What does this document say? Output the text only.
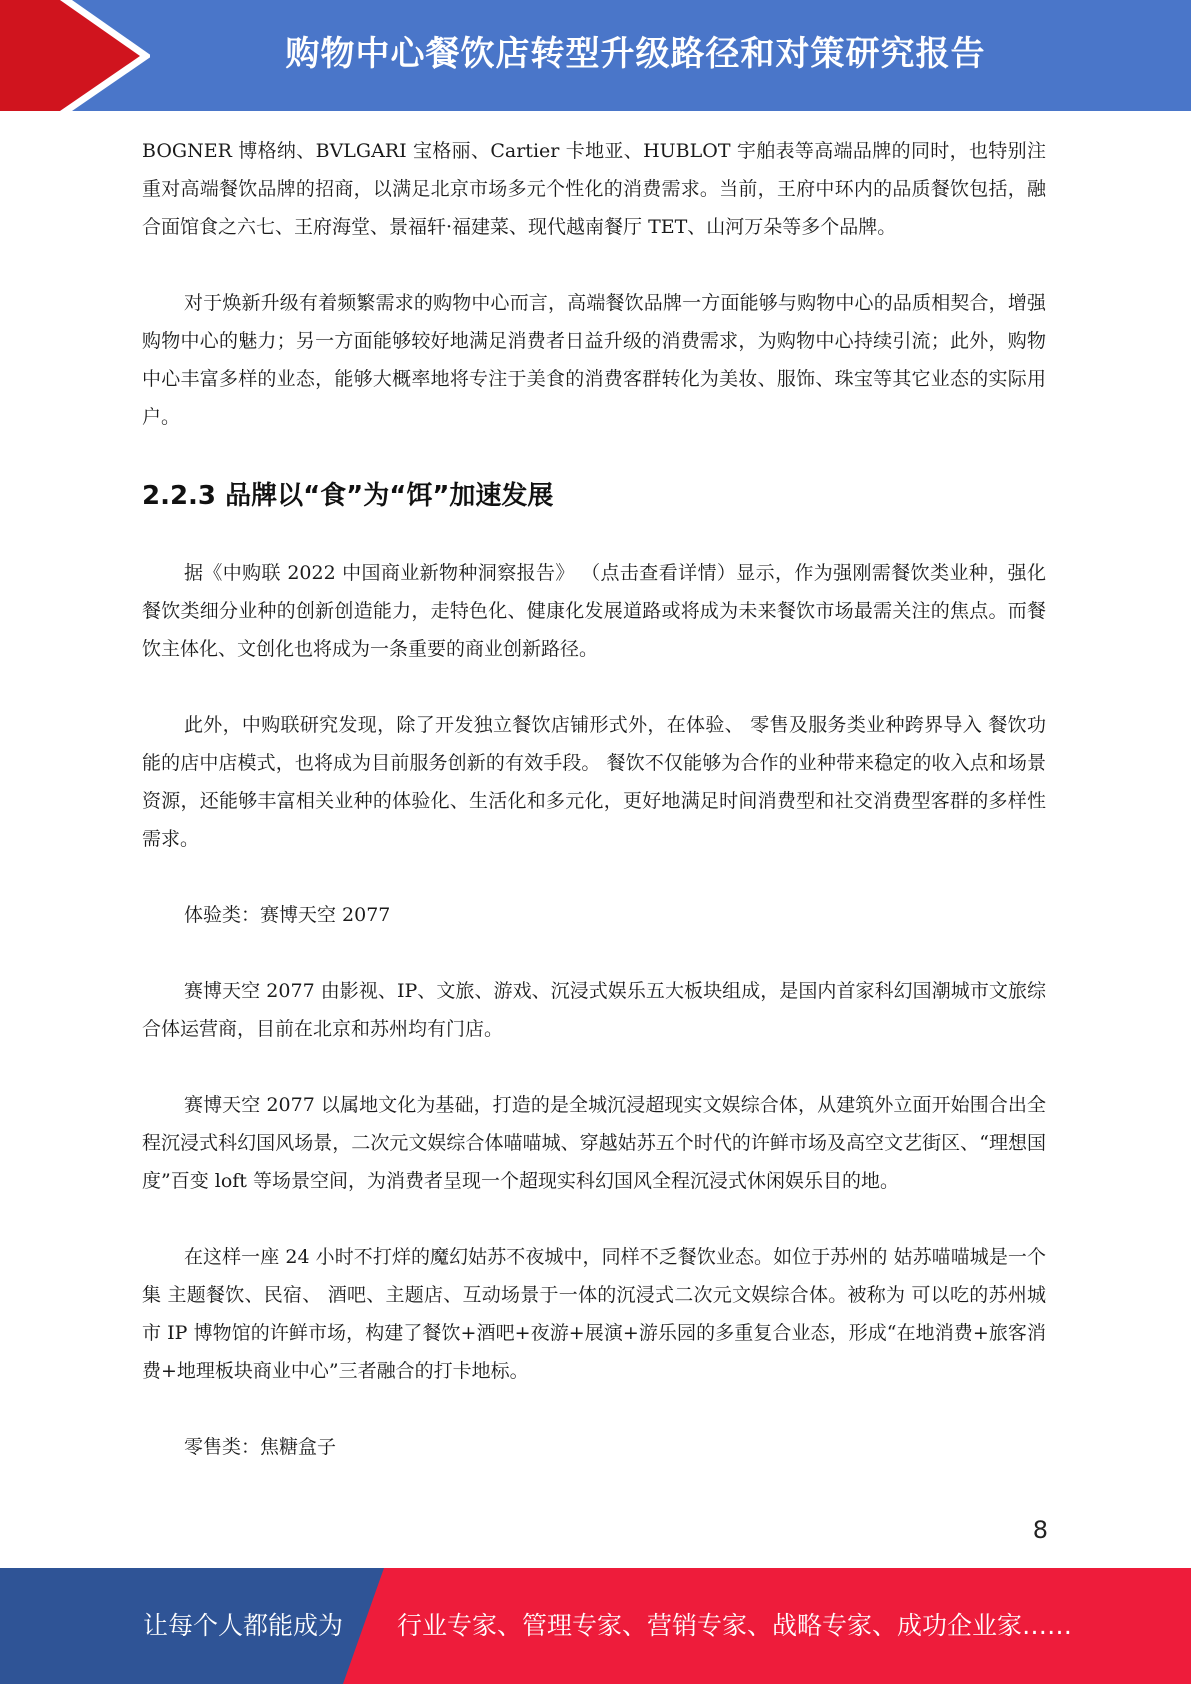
购物中心餐饮店转型升级路径和对策研究报告

BOGNER 博格纳、BVLGARI 宝格丽、Cartier 卡地亚、HUBLOT 宇舶表等高端品牌的同时，也特别注重对高端餐饮品牌的招商，以满足北京市场多元个性化的消费需求。当前，王府中环内的品质餐饮包括，融合面馆食之六七、王府海堂、景福轩·福建菜、现代越南餐厅 TET、山河万朵等多个品牌。

对于焕新升级有着频繁需求的购物中心而言，高端餐饮品牌一方面能够与购物中心的品质相契合，增强购物中心的魅力；另一方面能够较好地满足消费者日益升级的消费需求，为购物中心持续引流；此外，购物中心丰富多样的业态，能够大概率地将专注于美食的消费客群转化为美妆、服饰、珠宝等其它业态的实际用户。

2.2.3 品牌以“食”为“饵”加速发展

据《中购联 2022 中国商业新物种洞察报告》 （点击查看详情）显示，作为强刚需餐饮类业种，强化餐饮类细分业种的创新创造能力，走特色化、健康化发展道路或将成为未来餐饮市场最需关注的焦点。而餐饮主体化、文创化也将成为一条重要的商业创新路径。

此外，中购联研究发现，除了开发独立餐饮店铺形式外，在体验、 零售及服务类业种跨界导入 餐饮功能的店中店模式，也将成为目前服务创新的有效手段。 餐饮不仅能够为合作的业种带来稳定的收入点和场景资源，还能够丰富相关业种的体验化、生活化和多元化，更好地满足时间消费型和社交消费型客群的多样性需求。

体验类：赛博天空 2077

赛博天空 2077 由影视、IP、文旅、游戏、沉浸式娱乐五大板块组成，是国内首家科幻国潮城市文旅综合体运营商，目前在北京和苏州均有门店。

赛博天空 2077 以属地文化为基础，打造的是全城沉浸超现实文娱综合体，从建筑外立面开始围合出全程沉浸式科幻国风场景，二次元文娱综合体喵喵城、穿越姑苏五个时代的许鲜市场及高空文艺街区、“理想国度”百变 loft 等场景空间，为消费者呈现一个超现实科幻国风全程沉浸式休闲娱乐目的地。

在这样一座 24 小时不打烊的魔幻姑苏不夜城中，同样不乏餐饮业态。如位于苏州的 姑苏喵喵城是一个集 主题餐饮、民宿、 酒吧、主题店、互动场景于一体的沉浸式二次元文娱综合体。被称为 可以吃的苏州城市 IP 博物馆的许鲜市场，构建了餐饮+酒吧+夜游+展演+游乐园的多重复合业态，形成“在地消费+旅客消费+地理板块商业中心”三者融合的打卡地标。

零售类：焦糖盒子

8
让每个人都能成为 行业专家、管理专家、营销专家、战略专家、成功企业家……
